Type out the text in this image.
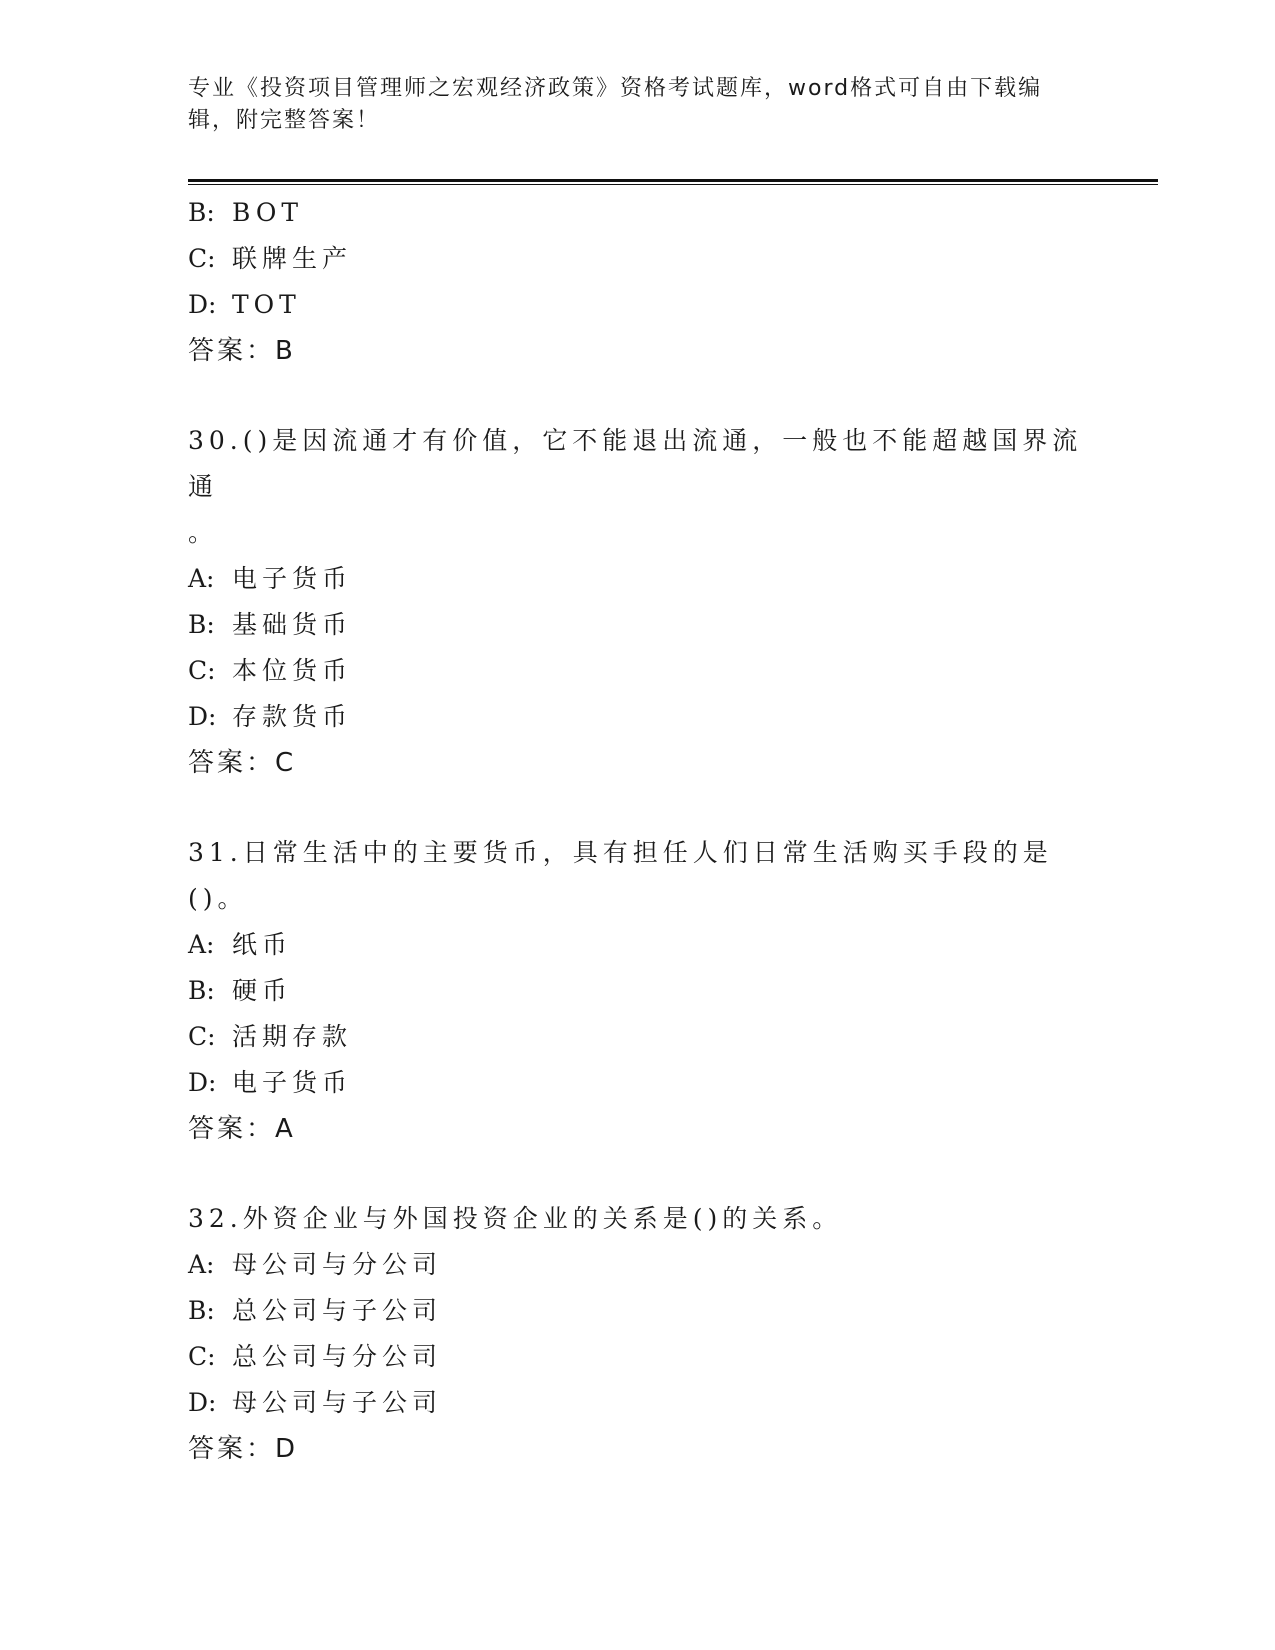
专业《投资项目管理师之宏观经济政策》资格考试题库，word格式可自由下载编
辑，附完整答案！
B: BOT
C: 联牌生产
D: TOT
答案：B
30.()是因流通才有价值，它不能退出流通，一般也不能超越国界流通
。
A: 电子货币
B: 基础货币
C: 本位货币
D: 存款货币
答案：C
31.日常生活中的主要货币，具有担任人们日常生活购买手段的是()。
A: 纸币
B: 硬币
C: 活期存款
D: 电子货币
答案：A
32.外资企业与外国投资企业的关系是()的关系。
A: 母公司与分公司
B: 总公司与子公司
C: 总公司与分公司
D: 母公司与子公司
答案：D
